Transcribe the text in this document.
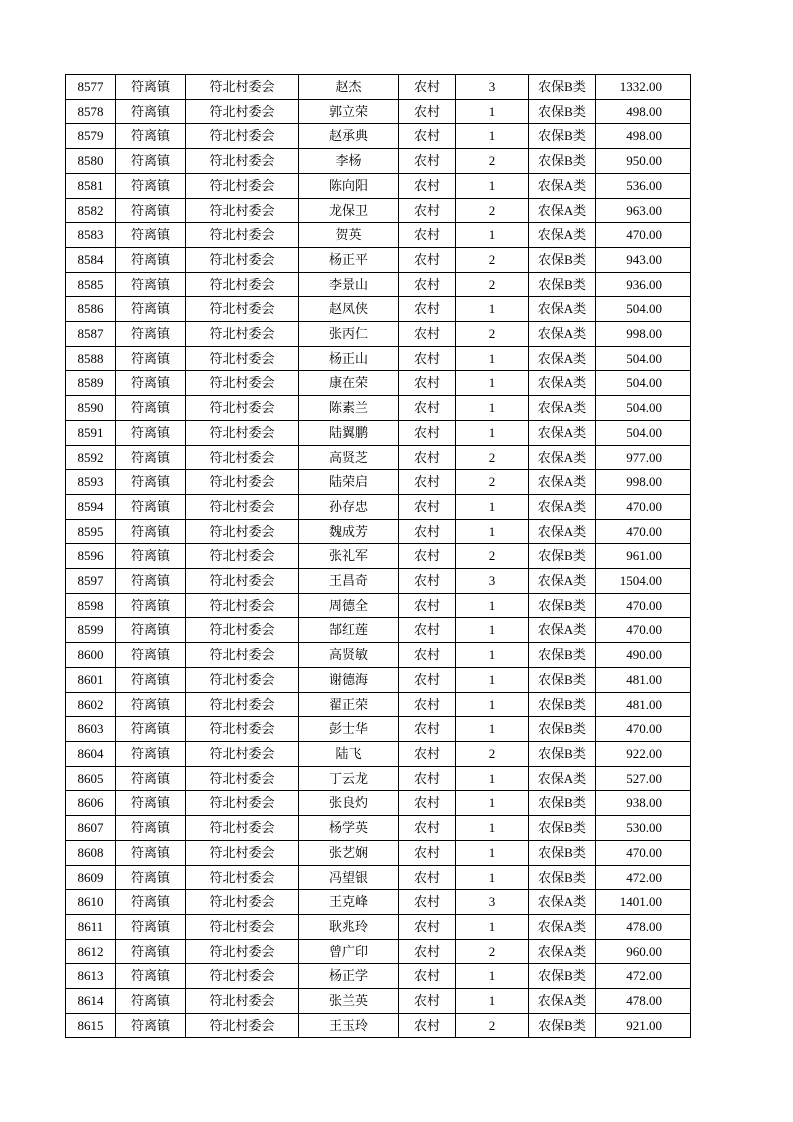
8577	符离镇	符北村委会	赵杰	农村	3	农保B类	1332.00
8578	符离镇	符北村委会	郭立荣	农村	1	农保B类	498.00
8579	符离镇	符北村委会	赵承典	农村	1	农保B类	498.00
8580	符离镇	符北村委会	李杨	农村	2	农保B类	950.00
8581	符离镇	符北村委会	陈向阳	农村	1	农保A类	536.00
8582	符离镇	符北村委会	龙保卫	农村	2	农保A类	963.00
8583	符离镇	符北村委会	贺英	农村	1	农保A类	470.00
8584	符离镇	符北村委会	杨正平	农村	2	农保B类	943.00
8585	符离镇	符北村委会	李景山	农村	2	农保B类	936.00
8586	符离镇	符北村委会	赵凤侠	农村	1	农保A类	504.00
8587	符离镇	符北村委会	张丙仁	农村	2	农保A类	998.00
8588	符离镇	符北村委会	杨正山	农村	1	农保A类	504.00
8589	符离镇	符北村委会	康在荣	农村	1	农保A类	504.00
8590	符离镇	符北村委会	陈素兰	农村	1	农保A类	504.00
8591	符离镇	符北村委会	陆翼鹏	农村	1	农保A类	504.00
8592	符离镇	符北村委会	高贤芝	农村	2	农保A类	977.00
8593	符离镇	符北村委会	陆荣启	农村	2	农保A类	998.00
8594	符离镇	符北村委会	孙存忠	农村	1	农保A类	470.00
8595	符离镇	符北村委会	魏成芳	农村	1	农保A类	470.00
8596	符离镇	符北村委会	张礼军	农村	2	农保B类	961.00
8597	符离镇	符北村委会	王昌奇	农村	3	农保A类	1504.00
8598	符离镇	符北村委会	周德全	农村	1	农保B类	470.00
8599	符离镇	符北村委会	郜红莲	农村	1	农保A类	470.00
8600	符离镇	符北村委会	高贤敏	农村	1	农保B类	490.00
8601	符离镇	符北村委会	谢德海	农村	1	农保B类	481.00
8602	符离镇	符北村委会	翟正荣	农村	1	农保B类	481.00
8603	符离镇	符北村委会	彭士华	农村	1	农保B类	470.00
8604	符离镇	符北村委会	陆飞	农村	2	农保B类	922.00
8605	符离镇	符北村委会	丁云龙	农村	1	农保A类	527.00
8606	符离镇	符北村委会	张良灼	农村	1	农保B类	938.00
8607	符离镇	符北村委会	杨学英	农村	1	农保B类	530.00
8608	符离镇	符北村委会	张艺娴	农村	1	农保B类	470.00
8609	符离镇	符北村委会	冯望银	农村	1	农保B类	472.00
8610	符离镇	符北村委会	王克峰	农村	3	农保A类	1401.00
8611	符离镇	符北村委会	耿兆玲	农村	1	农保A类	478.00
8612	符离镇	符北村委会	曾广印	农村	2	农保A类	960.00
8613	符离镇	符北村委会	杨正学	农村	1	农保B类	472.00
8614	符离镇	符北村委会	张兰英	农村	1	农保A类	478.00
8615	符离镇	符北村委会	王玉玲	农村	2	农保B类	921.00
